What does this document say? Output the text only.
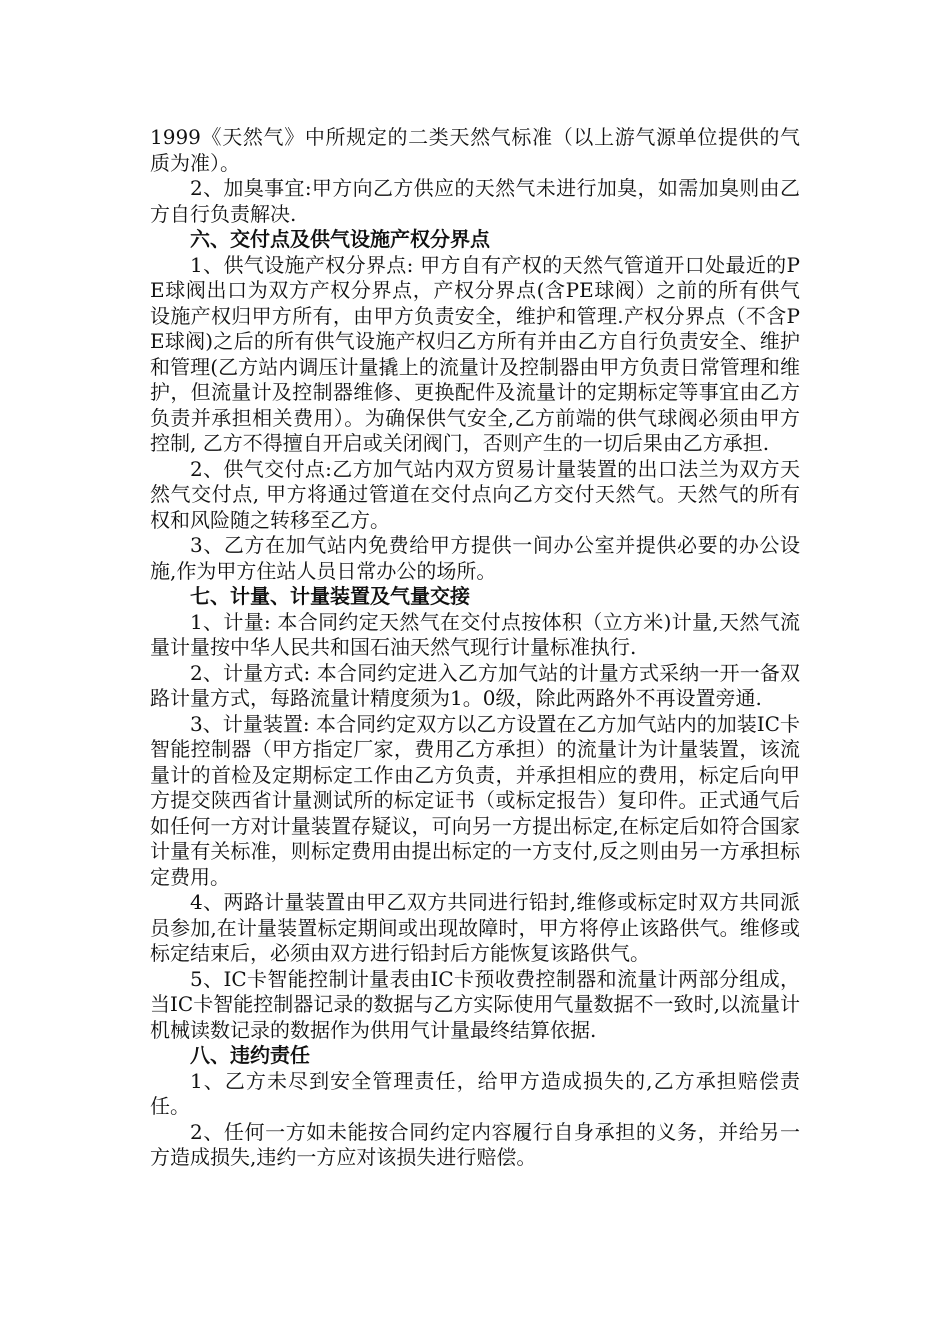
1999《天然气》中所规定的二类天然气标准（以上游气源单位提供的气质为准）。

2、加臭事宜:甲方向乙方供应的天然气未进行加臭，如需加臭则由乙方自行负责解决.

六、交付点及供气设施产权分界点

1、供气设施产权分界点: 甲方自有产权的天然气管道开口处最近的PE球阀出口为双方产权分界点，产权分界点(含PE球阀）之前的所有供气设施产权归甲方所有，由甲方负责安全，维护和管理.产权分界点（不含PE球阀)之后的所有供气设施产权归乙方所有并由乙方自行负责安全、维护和管理(乙方站内调压计量撬上的流量计及控制器由甲方负责日常管理和维护，但流量计及控制器维修、更换配件及流量计的定期标定等事宜由乙方负责并承担相关费用）。为确保供气安全,乙方前端的供气球阀必须由甲方控制, 乙方不得擅自开启或关闭阀门，否则产生的一切后果由乙方承担.

2、供气交付点:乙方加气站内双方贸易计量装置的出口法兰为双方天然气交付点, 甲方将通过管道在交付点向乙方交付天然气。天然气的所有权和风险随之转移至乙方。

3、乙方在加气站内免费给甲方提供一间办公室并提供必要的办公设施,作为甲方住站人员日常办公的场所。

七、计量、计量装置及气量交接

1、计量: 本合同约定天然气在交付点按体积（立方米)计量,天然气流量计量按中华人民共和国石油天然气现行计量标准执行.

2、计量方式: 本合同约定进入乙方加气站的计量方式采纳一开一备双路计量方式，每路流量计精度须为1。0级，除此两路外不再设置旁通.

3、计量装置: 本合同约定双方以乙方设置在乙方加气站内的加装IC卡智能控制器（甲方指定厂家，费用乙方承担）的流量计为计量装置，该流量计的首检及定期标定工作由乙方负责，并承担相应的费用，标定后向甲方提交陕西省计量测试所的标定证书（或标定报告）复印件。正式通气后如任何一方对计量装置存疑议，可向另一方提出标定,在标定后如符合国家计量有关标准，则标定费用由提出标定的一方支付,反之则由另一方承担标定费用。

4、两路计量装置由甲乙双方共同进行铅封,维修或标定时双方共同派员参加,在计量装置标定期间或出现故障时，甲方将停止该路供气。维修或标定结束后，必须由双方进行铅封后方能恢复该路供气。

5、IC卡智能控制计量表由IC卡预收费控制器和流量计两部分组成，当IC卡智能控制器记录的数据与乙方实际使用气量数据不一致时,以流量计机械读数记录的数据作为供用气计量最终结算依据.

八、违约责任

1、乙方未尽到安全管理责任，给甲方造成损失的,乙方承担赔偿责任。

2、任何一方如未能按合同约定内容履行自身承担的义务，并给另一方造成损失,违约一方应对该损失进行赔偿。
